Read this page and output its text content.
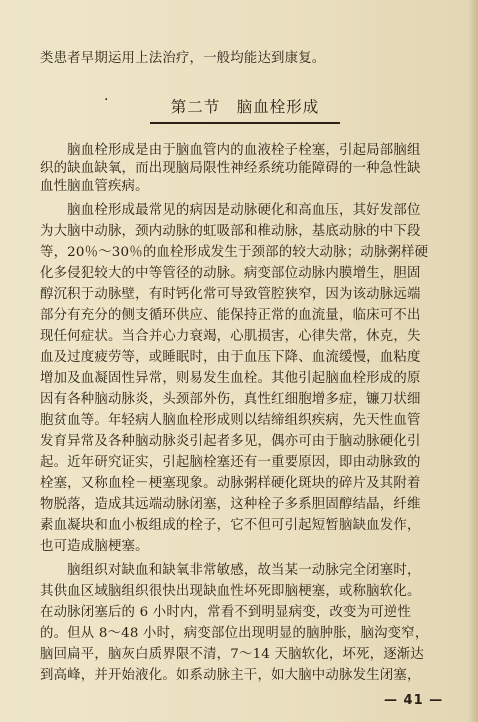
类患者早期运用上法治疗，一般均能达到康复。
·	第二节　脑血栓形成
　　脑血栓形成是由于脑血管内的血液栓子栓塞，引起局部脑组
织的缺血缺氧，而出现脑局限性神经系统功能障碍的一种急性缺
血性脑血管疾病。
　　脑血栓形成最常见的病因是动脉硬化和高血压，其好发部位
为大脑中动脉，颈内动脉的虹吸部和椎动脉，基底动脉的中下段
等，20％～30％的血栓形成发生于颈部的较大动脉；动脉粥样硬
化多侵犯较大的中等管径的动脉。病变部位动脉内膜增生，胆固
醇沉积于动脉壁，有时钙化常可导致管腔狭窄，因为该动脉远端
部分有充分的侧支循环供应、能保持正常的血流量，临床可不出
现任何症状。当合并心力衰竭，心肌损害，心律失常，休克，失
血及过度疲劳等，或睡眠时，由于血压下降、血流缓慢，血粘度
增加及血凝固性异常，则易发生血栓。其他引起脑血栓形成的原
因有各种脑动脉炎，头颈部外伤，真性红细胞增多症，镰刀状细
胞贫血等。年轻病人脑血栓形成则以结缔组织疾病，先天性血管
发育异常及各种脑动脉炎引起者多见，偶亦可由于脑动脉硬化引
起。近年研究证实，引起脑栓塞还有一重要原因，即由动脉致的
栓塞，又称血栓－梗塞现象。动脉粥样硬化斑块的碎片及其附着
物脱落，造成其远端动脉闭塞，这种栓子多系胆固醇结晶，纤维
素血凝块和血小板组成的栓子，它不但可引起短暂脑缺血发作，
也可造成脑梗塞。
　　脑组织对缺血和缺氧非常敏感，故当某一动脉完全闭塞时，
其供血区域脑组织很快出现缺血性坏死即脑梗塞，或称脑软化。
在动脉闭塞后的 6 小时内，常看不到明显病变，改变为可逆性
的。但从 8～48 小时，病变部位出现明显的脑肿胀，脑沟变窄，
脑回扁平，脑灰白质界限不清，7～14 天脑软化，坏死，逐渐达
到高峰，并开始液化。如系动脉主干，如大脑中动脉发生闭塞，
— 41 —
